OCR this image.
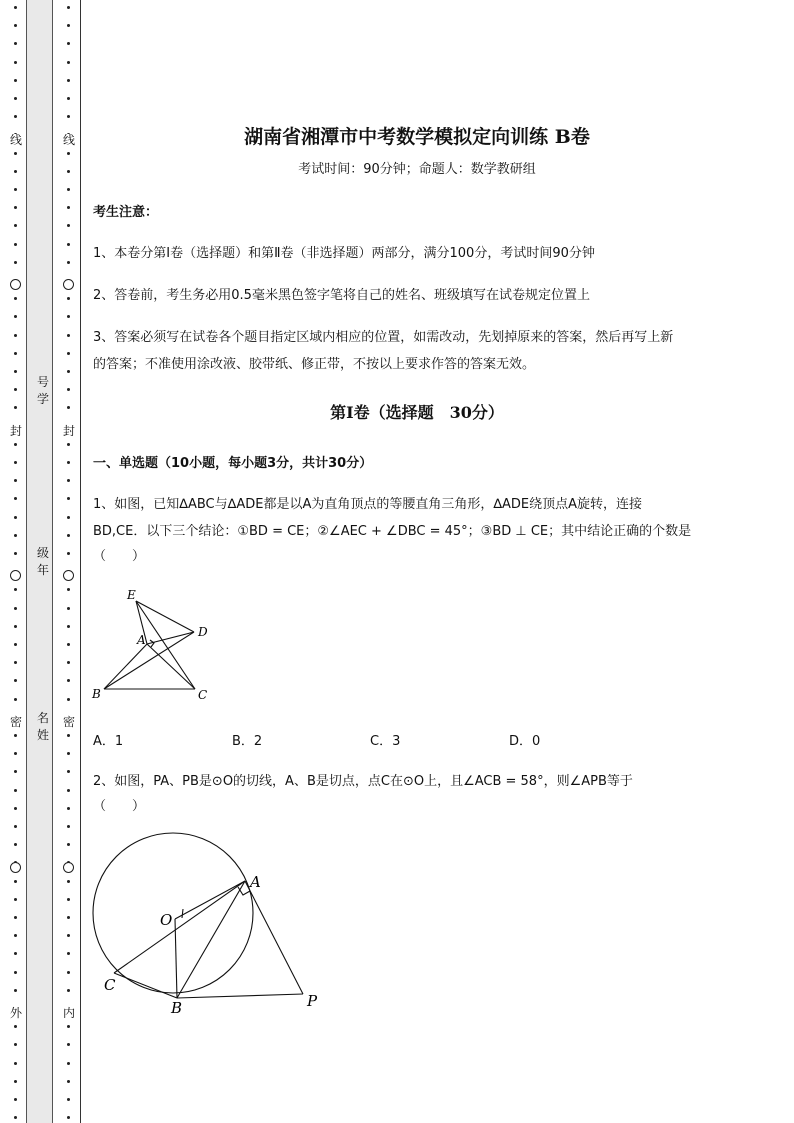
线
封
密
外
线
封
密
内
号
学
级
年
名
姓
湖南省湘潭市中考数学模拟定向训练 B卷
考试时间：90分钟；命题人：数学教研组
考生注意：
1、本卷分第Ⅰ卷（选择题）和第Ⅱ卷（非选择题）两部分，满分100分，考试时间90分钟
2、答卷前，考生务必用0.5毫米黑色签字笔将自己的姓名、班级填写在试卷规定位置上
3、答案必须写在试卷各个题目指定区域内相应的位置，如需改动，先划掉原来的答案，然后再写上新
的答案；不准使用涂改液、胶带纸、修正带，不按以上要求作答的答案无效。
第Ⅰ卷（选择题　30分）
一、单选题（10小题，每小题3分，共计30分）
1、如图，已知∆ABC与∆ADE都是以A为直角顶点的等腰直角三角形，∆ADE绕顶点A旋转，连接
BD,CE．以下三个结论：①BD = CE；②∠AEC + ∠DBC = 45°；③BD ⊥ CE；其中结论正确的个数是
（　　）
E
A
D
B	C
A．1	B．2	C．3	D．0
2、如图，PA、PB是⊙O的切线，A、B是切点，点C在⊙O上，且∠ACB = 58°，则∠APB等于
（　　）
A
O
C
B	P
